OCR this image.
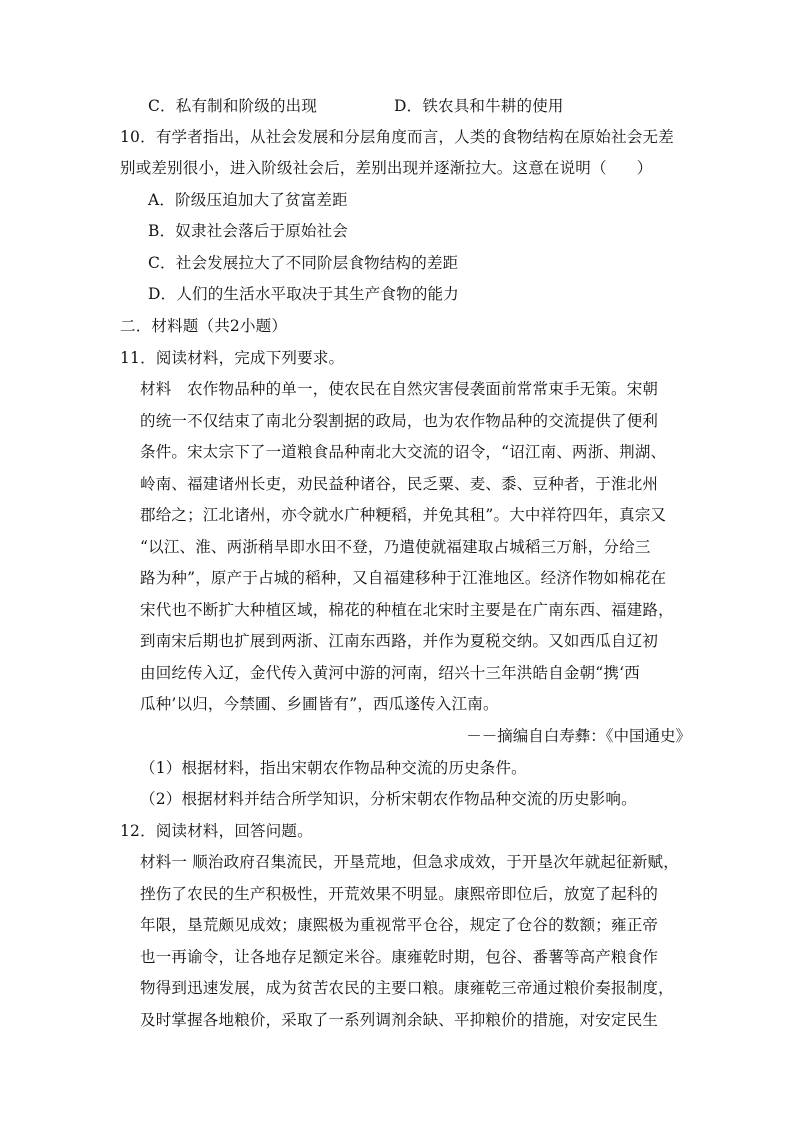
C．私有制和阶级的出现	D．铁农具和牛耕的使用
10．有学者指出，从社会发展和分层角度而言，人类的食物结构在原始社会无差
别或差别很小，进入阶级社会后，差别出现并逐渐拉大。这意在说明（ ）
A．阶级压迫加大了贫富差距
B．奴隶社会落后于原始社会
C．社会发展拉大了不同阶层食物结构的差距
D．人们的生活水平取决于其生产食物的能力
二．材料题（共2小题）
11．阅读材料，完成下列要求。
材料　农作物品种的单一，使农民在自然灾害侵袭面前常常束手无策。宋朝
的统一不仅结束了南北分裂割据的政局，也为农作物品种的交流提供了便利
条件。宋太宗下了一道粮食品种南北大交流的诏令，“诏江南、两浙、荆湖、
岭南、福建诸州长吏，劝民益种诸谷，民乏粟、麦、黍、豆种者，于淮北州
郡给之；江北诸州，亦令就水广种粳稻，并免其租”。大中祥符四年，真宗又
“以江、淮、两浙稍旱即水田不登，乃遣使就福建取占城稻三万斛，分给三
路为种”，原产于占城的稻种，又自福建移种于江淮地区。经济作物如棉花在
宋代也不断扩大种植区域，棉花的种植在北宋时主要是在广南东西、福建路，
到南宋后期也扩展到两浙、江南东西路，并作为夏税交纳。又如西瓜自辽初
由回纥传入辽，金代传入黄河中游的河南，绍兴十三年洪皓自金朝“携‘西
瓜种’以归，今禁圃、乡圃皆有”，西瓜遂传入江南。
－－摘编自白寿彝：《中国通史》
（1）根据材料，指出宋朝农作物品种交流的历史条件。
（2）根据材料并结合所学知识，分析宋朝农作物品种交流的历史影响。
12．阅读材料，回答问题。
材料一 顺治政府召集流民，开垦荒地，但急求成效，于开垦次年就起征新赋，
挫伤了农民的生产积极性，开荒效果不明显。康熙帝即位后，放宽了起科的
年限，垦荒颇见成效；康熙极为重视常平仓谷，规定了仓谷的数额；雍正帝
也一再谕令，让各地存足额定米谷。康雍乾时期，包谷、番薯等高产粮食作
物得到迅速发展，成为贫苦农民的主要口粮。康雍乾三帝通过粮价奏报制度，
及时掌握各地粮价，采取了一系列调剂余缺、平抑粮价的措施，对安定民生
